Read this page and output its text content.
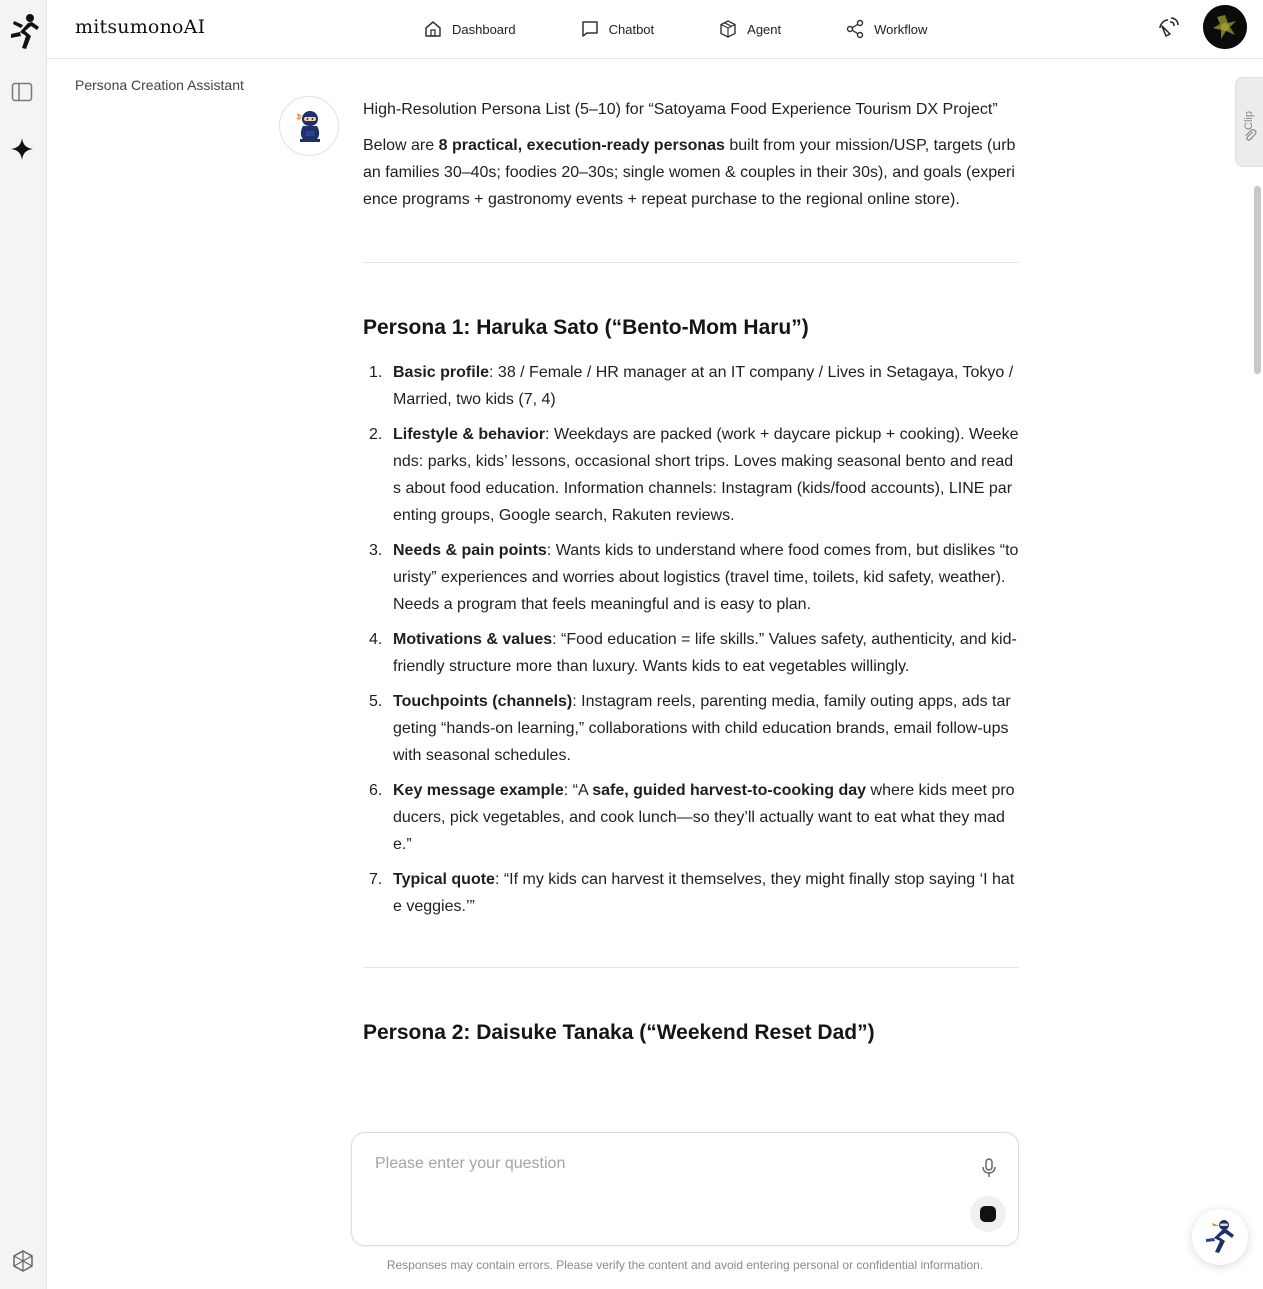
mitsumonoAI	Dashboard	Chatbot	Agent	Workflow
Persona Creation Assistant
Clip

High-Resolution Persona List (5–10) for “Satoyama Food Experience Tourism DX Project”

Below are 8 practical, execution-ready personas built from your mission/USP, targets (urban families 30–40s; foodies 20–30s; single women & couples in their 30s), and goals (experience programs + gastronomy events + repeat purchase to the regional online store).

Persona 1: Haruka Sato (“Bento-Mom Haru”)
1. Basic profile: 38 / Female / HR manager at an IT company / Lives in Setagaya, Tokyo / Married, two kids (7, 4)
2. Lifestyle & behavior: Weekdays are packed (work + daycare pickup + cooking). Weekends: parks, kids’ lessons, occasional short trips. Loves making seasonal bento and reads about food education. Information channels: Instagram (kids/food accounts), LINE parenting groups, Google search, Rakuten reviews.
3. Needs & pain points: Wants kids to understand where food comes from, but dislikes “touristy” experiences and worries about logistics (travel time, toilets, kid safety, weather). Needs a program that feels meaningful and is easy to plan.
4. Motivations & values: “Food education = life skills.” Values safety, authenticity, and kid-friendly structure more than luxury. Wants kids to eat vegetables willingly.
5. Touchpoints (channels): Instagram reels, parenting media, family outing apps, ads targeting “hands-on learning,” collaborations with child education brands, email follow-ups with seasonal schedules.
6. Key message example: “A safe, guided harvest-to-cooking day where kids meet producers, pick vegetables, and cook lunch—so they’ll actually want to eat what they made.”
7. Typical quote: “If my kids can harvest it themselves, they might finally stop saying ‘I hate veggies.’”
Persona 2: Daisuke Tanaka (“Weekend Reset Dad”)
Please enter your question
Responses may contain errors. Please verify the content and avoid entering personal or confidential information.
